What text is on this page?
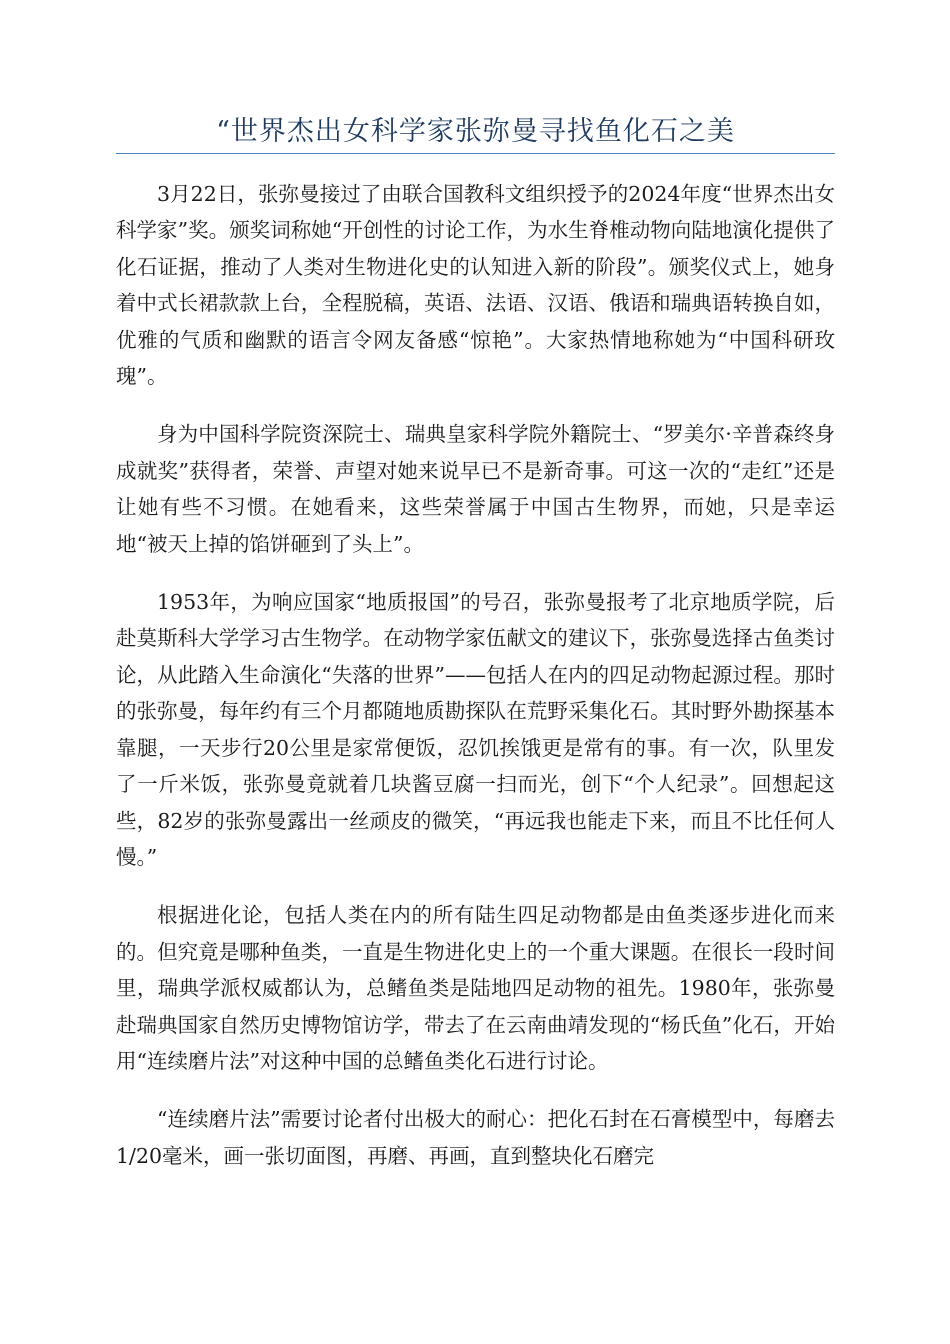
“世界杰出女科学家张弥曼寻找鱼化石之美

3月22日，张弥曼接过了由联合国教科文组织授予的2024年度“世界杰出女科学家”奖。颁奖词称她“开创性的讨论工作，为水生脊椎动物向陆地演化提供了化石证据，推动了人类对生物进化史的认知进入新的阶段”。颁奖仪式上，她身着中式长裙款款上台，全程脱稿，英语、法语、汉语、俄语和瑞典语转换自如，优雅的气质和幽默的语言令网友备感“惊艳”。大家热情地称她为“中国科研玫瑰”。

身为中国科学院资深院士、瑞典皇家科学院外籍院士、“罗美尔·辛普森终身成就奖”获得者，荣誉、声望对她来说早已不是新奇事。可这一次的“走红”还是让她有些不习惯。在她看来，这些荣誉属于中国古生物界，而她，只是幸运地“被天上掉的馅饼砸到了头上”。

1953年，为响应国家“地质报国”的号召，张弥曼报考了北京地质学院，后赴莫斯科大学学习古生物学。在动物学家伍献文的建议下，张弥曼选择古鱼类讨论，从此踏入生命演化“失落的世界”——包括人在内的四足动物起源过程。那时的张弥曼，每年约有三个月都随地质勘探队在荒野采集化石。其时野外勘探基本靠腿，一天步行20公里是家常便饭，忍饥挨饿更是常有的事。有一次，队里发了一斤米饭，张弥曼竟就着几块酱豆腐一扫而光，创下“个人纪录”。回想起这些，82岁的张弥曼露出一丝顽皮的微笑，“再远我也能走下来，而且不比任何人慢。”

根据进化论，包括人类在内的所有陆生四足动物都是由鱼类逐步进化而来的。但究竟是哪种鱼类，一直是生物进化史上的一个重大课题。在很长一段时间里，瑞典学派权威都认为，总鳍鱼类是陆地四足动物的祖先。1980年，张弥曼赴瑞典国家自然历史博物馆访学，带去了在云南曲靖发现的“杨氏鱼”化石，开始用“连续磨片法”对这种中国的总鳍鱼类化石进行讨论。

“连续磨片法”需要讨论者付出极大的耐心：把化石封在石膏模型中，每磨去1/20毫米，画一张切面图，再磨、再画，直到整块化石磨完
